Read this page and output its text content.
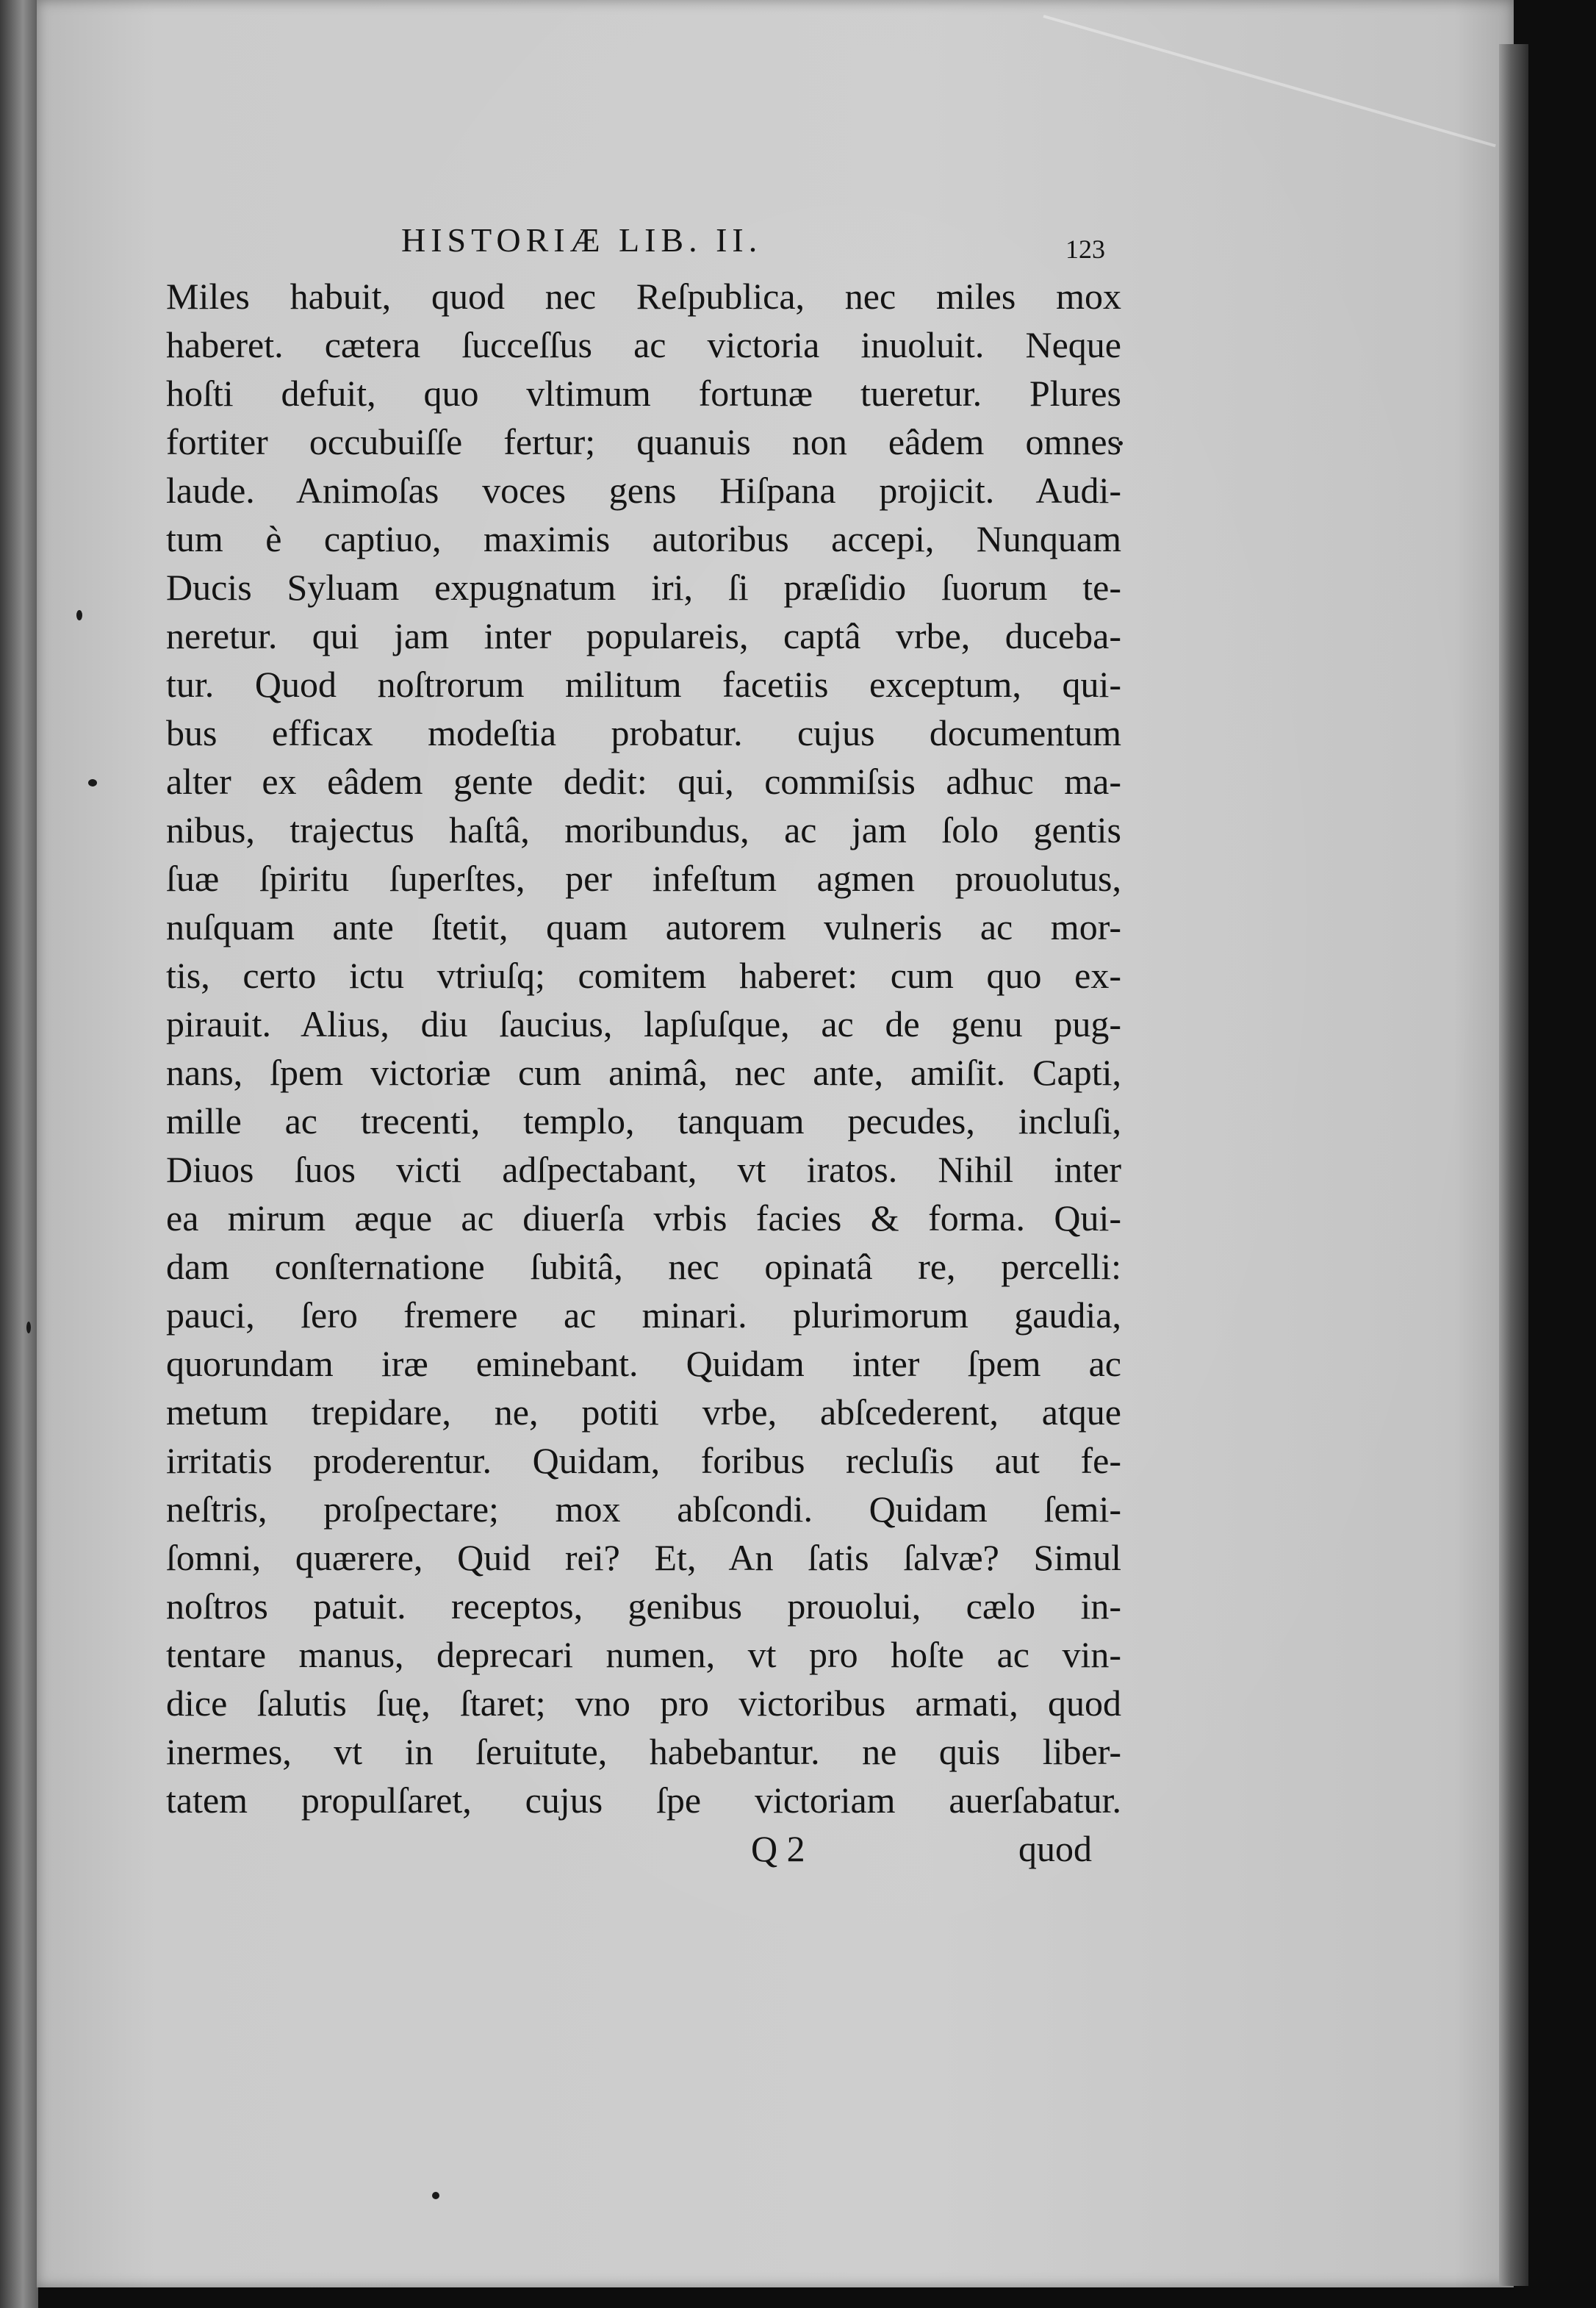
HISTORIÆ LIB. II.	123
Miles habuit, quod nec Reſpublica, nec miles mox
haberet. cætera ſucceſſus ac victoria inuoluit. Neque
hoſti defuit, quo vltimum fortunæ tueretur. Plures
fortiter occubuiſſe fertur; quanuis non eâdem omnes
laude. Animoſas voces gens Hiſpana projicit. Audi-
tum è captiuo, maximis autoribus accepi, Nunquam
Ducis Syluam expugnatum iri, ſi præſidio ſuorum te-
neretur. qui jam inter populareis, captâ vrbe, duceba-
tur. Quod noſtrorum militum facetiis exceptum, qui-
bus efficax modeſtia probatur. cujus documentum
alter ex eâdem gente dedit: qui, commiſsis adhuc ma-
nibus, trajectus haſtâ, moribundus, ac jam ſolo gentis
ſuæ ſpiritu ſuperſtes, per infeſtum agmen prouolutus,
nuſquam ante ſtetit, quam autorem vulneris ac mor-
tis, certo ictu vtriuſq; comitem haberet: cum quo ex-
pirauit. Alius, diu ſaucius, lapſuſque, ac de genu pug-
nans, ſpem victoriæ cum animâ, nec ante, amiſit. Capti,
mille ac trecenti, templo, tanquam pecudes, incluſi,
Diuos ſuos victi adſpectabant, vt iratos. Nihil inter
ea mirum æque ac diuerſa vrbis facies & forma. Qui-
dam conſternatione ſubitâ, nec opinatâ re, percelli:
pauci, ſero fremere ac minari. plurimorum gaudia,
quorundam iræ eminebant. Quidam inter ſpem ac
metum trepidare, ne, potiti vrbe, abſcederent, atque
irritatis proderentur. Quidam, foribus recluſis aut fe-
neſtris, proſpectare; mox abſcondi. Quidam ſemi-
ſomni, quærere, Quid rei? Et, An ſatis ſalvæ? Simul
noſtros patuit. receptos, genibus prouolui, cælo in-
tentare manus, deprecari numen, vt pro hoſte ac vin-
dice ſalutis ſuę, ſtaret; vno pro victoribus armati, quod
inermes, vt in ſeruitute, habebantur. ne quis liber-
tatem propulſaret, cujus ſpe victoriam auerſabatur.
Q 2	quod
